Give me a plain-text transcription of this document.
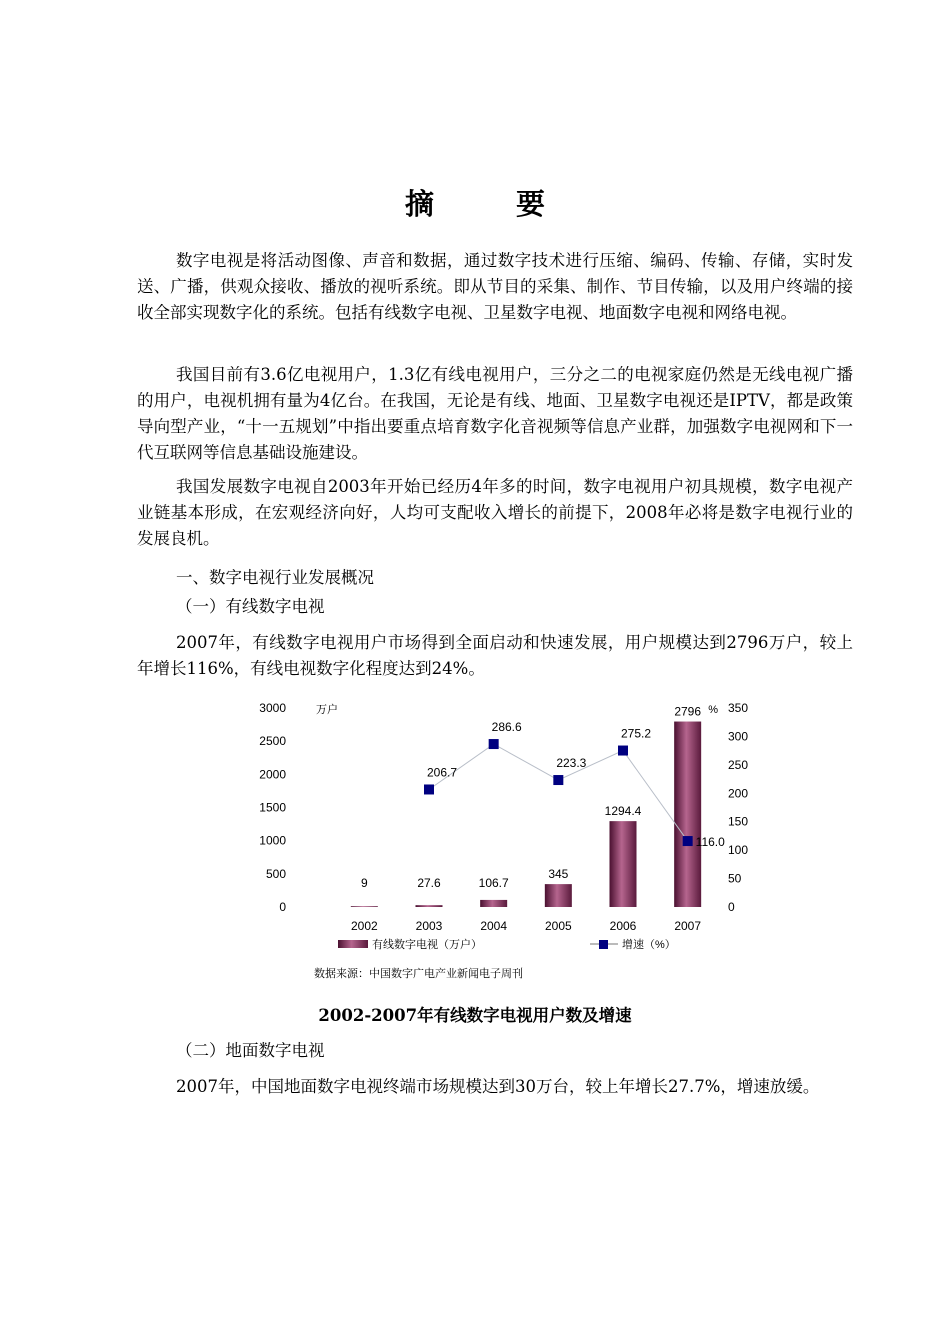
摘 要

数字电视是将活动图像、声音和数据，通过数字技术进行压缩、编码、传输、存储，实时发送、广播，供观众接收、播放的视听系统。即从节目的采集、制作、节目传输，以及用户终端的接收全部实现数字化的系统。包括有线数字电视、卫星数字电视、地面数字电视和网络电视。

我国目前有3.6亿电视用户，1.3亿有线电视用户，三分之二的电视家庭仍然是无线电视广播的用户，电视机拥有量为4亿台。在我国，无论是有线、地面、卫星数字电视还是IPTV，都是政策导向型产业，“十一五规划”中指出要重点培育数字化音视频等信息产业群，加强数字电视网和下一代互联网等信息基础设施建设。

我国发展数字电视自2003年开始已经历4年多的时间，数字电视用户初具规模，数字电视产业链基本形成，在宏观经济向好，人均可支配收入增长的前提下，2008年必将是数字电视行业的发展良机。

一、数字电视行业发展概况
（一）有线数字电视

2007年，有线数字电视用户市场得到全面启动和快速发展，用户规模达到2796万户，较上年增长116%，有线电视数字化程度达到24%。

0
500
1000
1500
2000
2500
3000	万户
0
50
100
150
200
250
300
350
%
9
2002
27.6
2003
106.7
2004
345
2005
1294.4
2006
2796
2007
206.7
286.6
223.3
275.2
116.0
有线数字电视（万户）	增速（%）
数据来源：中国数字广电产业新闻电子周刊
2002-2007年有线数字电视用户数及增速
（二）地面数字电视

2007年，中国地面数字电视终端市场规模达到30万台，较上年增长27.7%，增速放缓。
